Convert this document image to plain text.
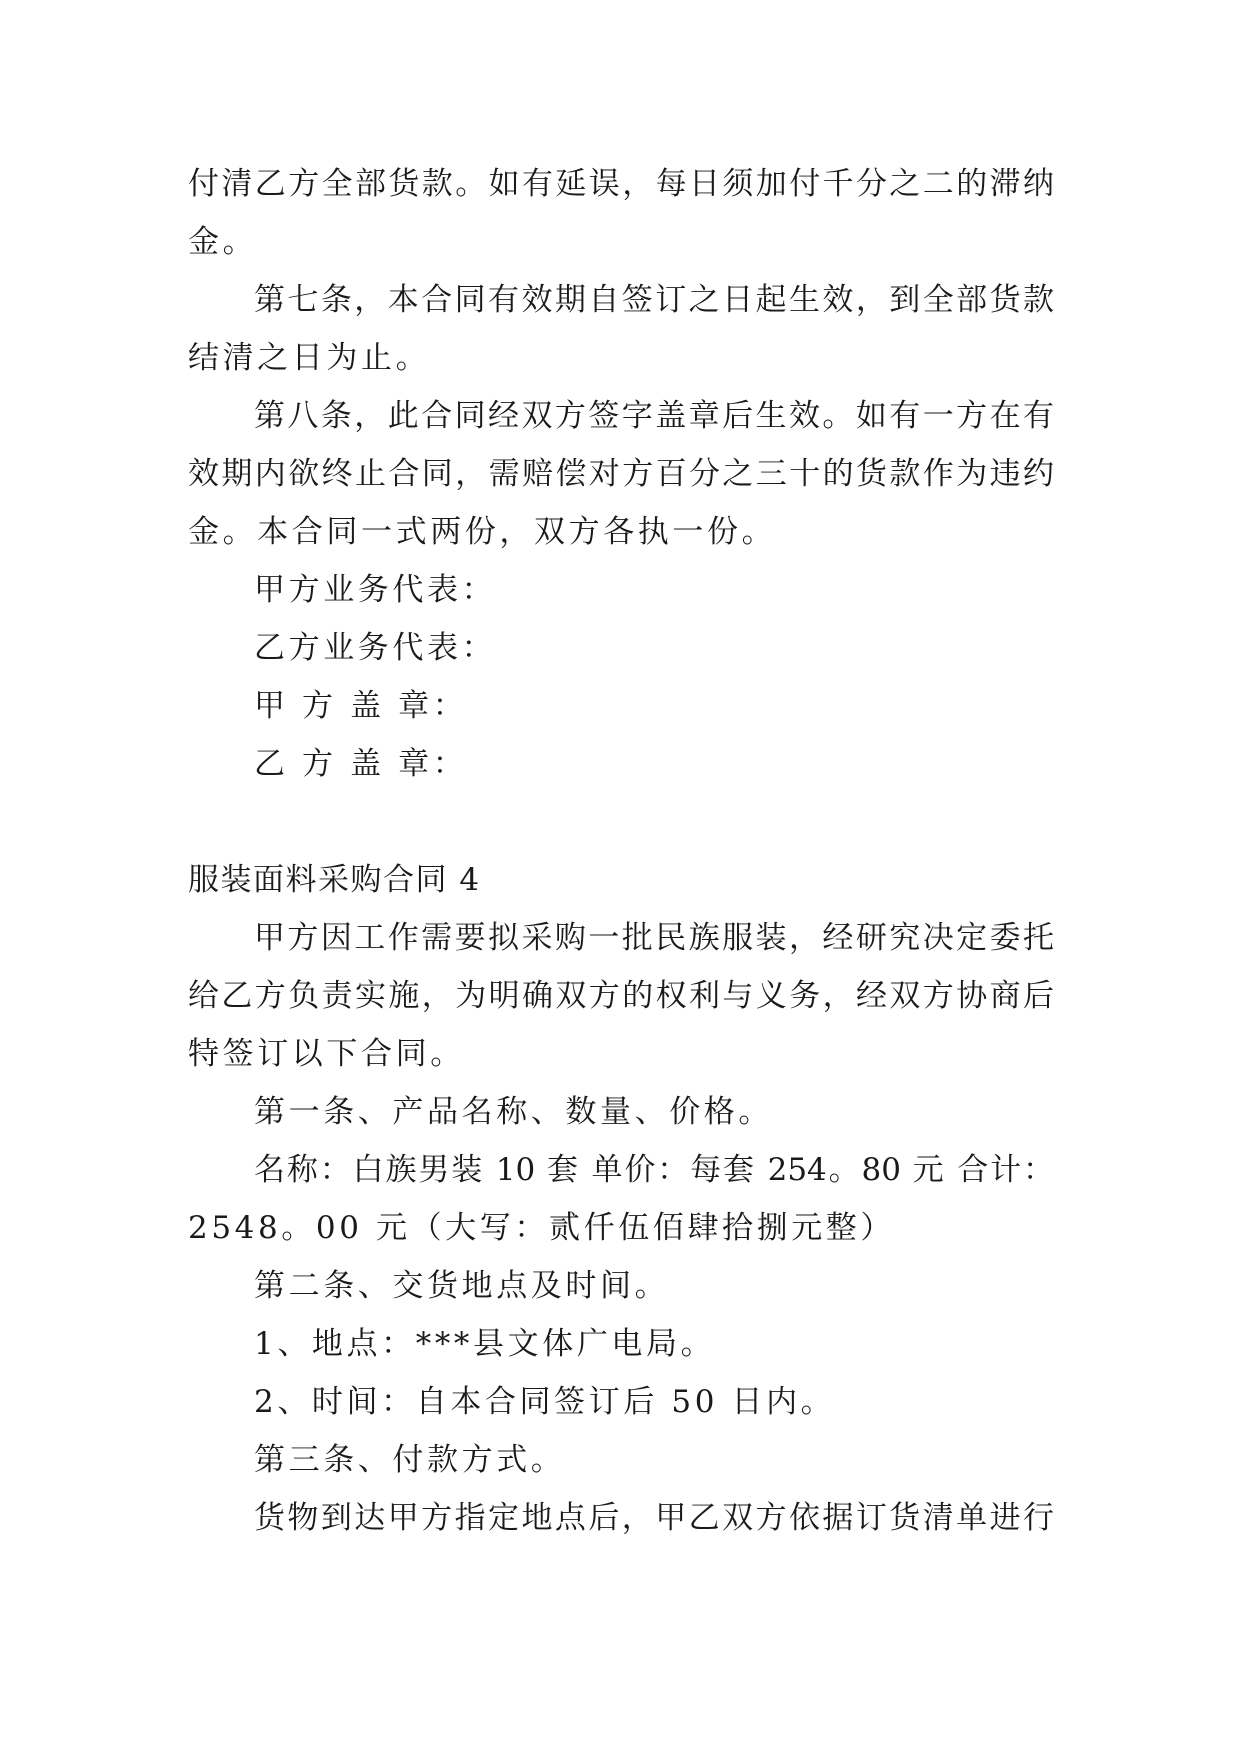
付清乙方全部货款。如有延误，每日须加付千分之二的滞纳
金。
第七条，本合同有效期自签订之日起生效，到全部货款
结清之日为止。
第八条，此合同经双方签字盖章后生效。如有一方在有
效期内欲终止合同，需赔偿对方百分之三十的货款作为违约
金。本合同一式两份，双方各执一份。
甲方业务代表：
乙方业务代表：
甲 方 盖 章：
乙 方 盖 章：
服装面料采购合同 4
甲方因工作需要拟采购一批民族服装，经研究决定委托
给乙方负责实施，为明确双方的权利与义务，经双方协商后
特签订以下合同。
第一条、产品名称、数量、价格。
名称：白族男装 10 套 单价：每套 254。80 元 合计：
2548。00 元（大写：贰仟伍佰肆拾捌元整）
第二条、交货地点及时间。
1、地点：***县文体广电局。
2、时间：自本合同签订后 50 日内。
第三条、付款方式。
货物到达甲方指定地点后，甲乙双方依据订货清单进行
